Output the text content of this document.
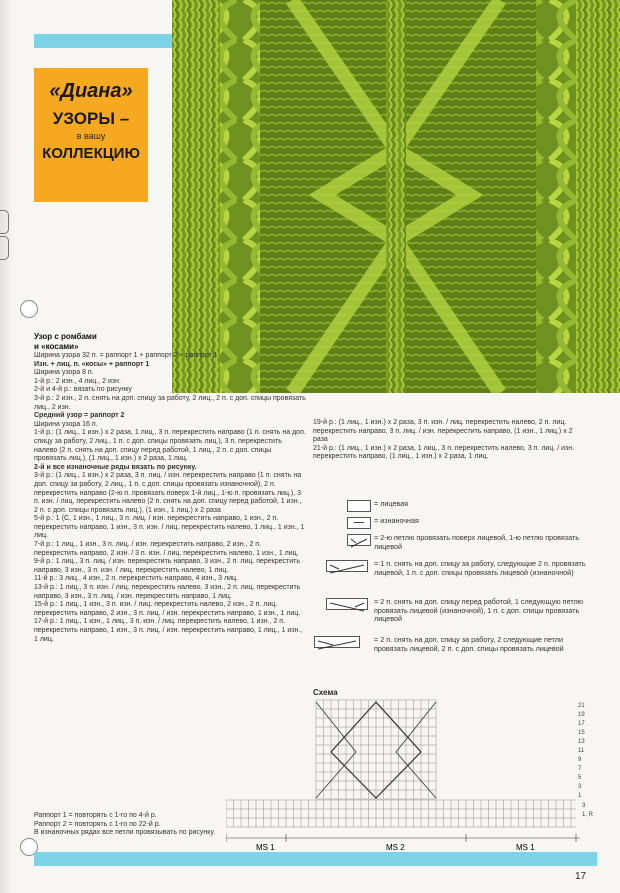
«Диана»
УЗОРЫ –
в вашу
КОЛЛЕКЦИЮ
Узор с ромбами
и «косами»
Ширина узора 32 п. = раппорт 1 + раппорт 2 + раппорт 1
Изн. + лиц. п. «косы» + раппорт 1
Ширина узора 8 п.
1-й р.: 2 изн., 4 лиц., 2 изн.
2-й и 4-й р.: вязать по рисунку
3-й р.: 2 изн., 2 п. снять на доп. спицу за работу, 2 лиц., 2 п. с доп. спицы провязать лиц., 2 изн.
Средний узор = раппорт 2
Ширина узора 16 п.
1-й р.: (1 лиц., 1 изн.) х 2 раза, 1 лиц., 3 п. перекрестить направо (1 п. снять на доп. спицу за работу, 2 лиц., 1 п. с доп. спицы провязать лиц.), 3 п. перекрестить налево (2 п. снять на доп. спицу перед работой, 1 лиц., 2 п. с доп. спицы провязать лиц.), (1 лиц., 1 изн.) х 2 раза, 1 лиц.
2-й и все изнаночные ряды вязать по рисунку.
3-й р.: (1 лиц., 1 изн.) х 2 раза, 3 п. лиц. / изн. перекрестить направо (1 п. снять на доп. спицу за работу, 2 лиц., 1 п. с доп. спицы провязать изнаночной), 2 п. перекрестить направо (2-ю п. провязать поверх 1-й лиц., 1-ю п. провязать лиц.), 3 п. изн. / лиц. перекрестить налево (2 п. снять на доп. спицу перед работой, 1 изн., 2 п. с доп. спицы провязать лиц.), (1 изн., 1 лиц.) х 2 раза
5-й р.: 1 (С, 1 изн., 1 лиц., 3 п. лиц. / изн. перекрестить направо, 1 изн., 2 п. перекрестить направо, 1 изн., 3 п. изн. / лиц. перекрестить налево, 1 лиц., 1 изн., 1 лиц.
7-й р.: 1 лиц., 1 изн., 3 п. лиц. / изн. перекрестить направо, 2 изн., 2 п. перекрестить направо, 2 изн. / 3 п. изн. / лиц. перекрестить налево, 1 изн., 1 лиц.
9-й р.: 1 лиц., 3 п. лиц. / изн. перекрестить направо, 3 изн., 2 п. лиц. перекрестить направо, 3 изн., 3 п. изн. / лиц. перекрестить налево, 1 лиц.
11-й р.: 3 лиц., 4 изн., 2 п. перекрестить направо, 4 изн., 3 лиц.
13-й р.: 1 лиц., 3 п. изн. / лиц. перекрестить налево, 3 изн., 2 п. лиц. перекрестить направо, 3 изн., 3 п. лиц. / изн. перекрестить направо, 1 лиц.
15-й р.: 1 лиц., 1 изн., 3 п. изн. / лиц. перекрестить налево, 2 изн., 2 п. лиц. перекрестить направо, 2 изн., 3 п. лиц. / изн. перекрестить направо, 1 изн., 1 лиц.
17-й р.: 1 лиц., 1 изн., 1 лиц., 3 п. изн. / лиц. перекрестить налево, 1 изн., 2 п. перекрестить направо, 1 изн., 3 п. лиц. / изн. перекрестить направо, 1 лиц., 1 изн., 1 лиц.
19-й р.: (1 лиц., 1 изн.) х 2 раза, 3 п. изн. / лиц. перекрестить налево, 2 п. лиц. перекрестить направо, 3 п. лиц. / изн. перекрестить направо, (1 изн., 1 лиц.) х 2 раза
21-й р.: (1 лиц., 1 изн.) х 2 раза, 1 лиц., 3 п. перекрестить налево, 3 п. лиц. / изн. перекрестить направо, (1 лиц., 1 изн.) х 2 раза, 1 лиц.
Раппорт 1 = повторять с 1-го по 4-й р.
Раппорт 2 = повторять с 1-го по 22-й р.
В изнаночных рядах все петли провязывать по рисунку.
= лицевая
= изнаночная
= 2-ю петлю провязать поверх лицевой, 1-ю петлю провязать лицевой
= 1 п. снять на доп. спицу за работу, следующие 2 п. провязать лицевой, 1 п. с доп. спицы провязать лицевой (изнаночной)
= 2 п. снять на доп. спицу перед работой, 1 следующую петлю провязать лицевой (изнаночной), 1 п. с доп. спицы провязать лицевой
= 2 п. снять на доп. спицу за работу, 2 следующие петли провязать лицевой, 2 п. с доп. спицы провязать лицевой
Схема
MS 1	MS 2	MS 1
21
19
17
15
13
11
9
7
5
3
1
3
1, R
17
